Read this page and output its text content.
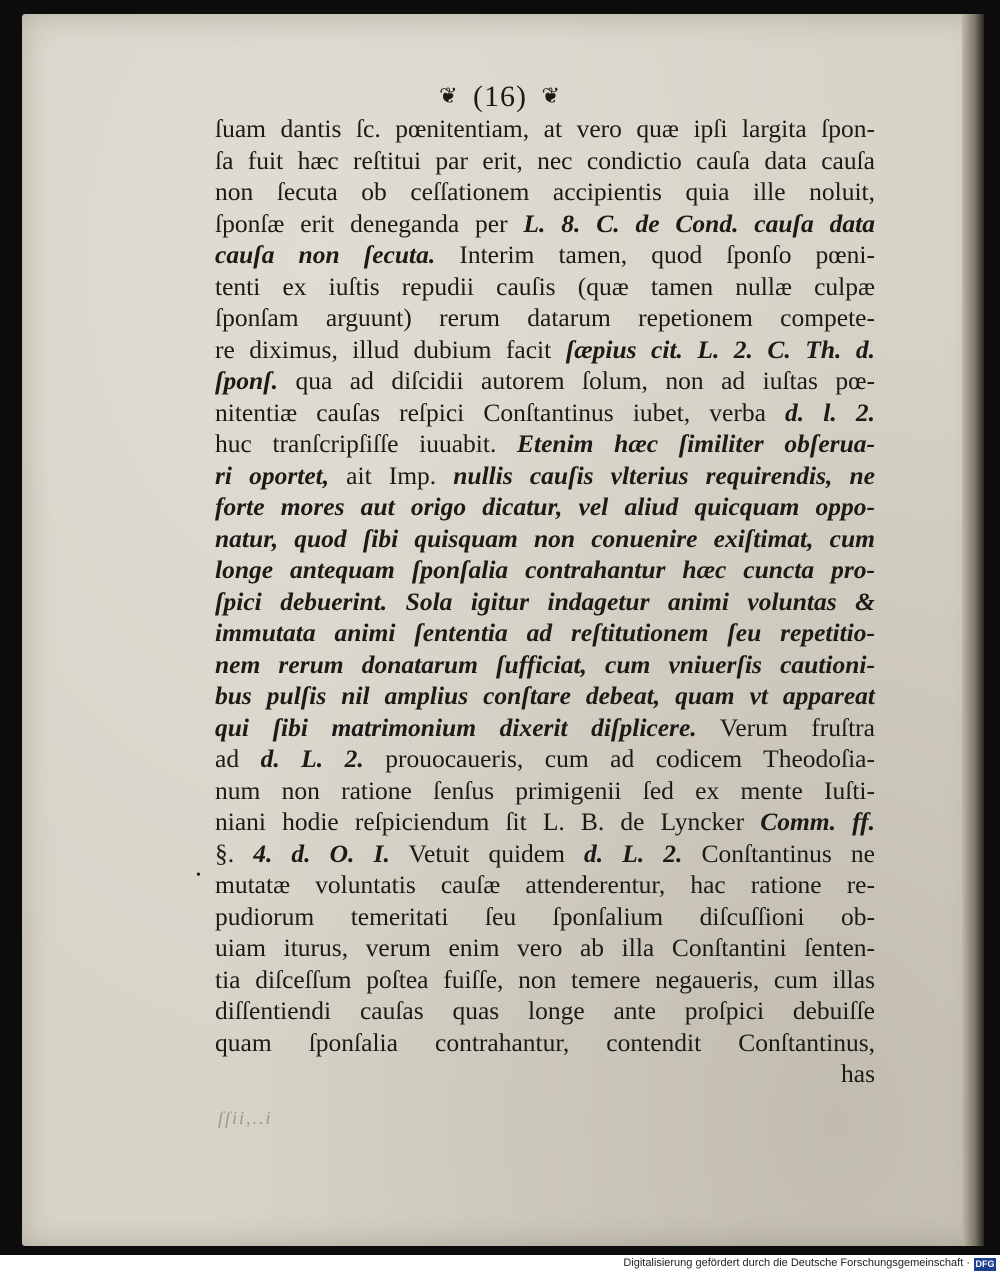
❦ (16) ❦
•
ſuam dantis ſc. pœnitentiam, at vero quæ ipſi largita ſpon-
ſa fuit hæc reſtitui par erit, nec condictio cauſa data cauſa
non ſecuta ob ceſſationem accipientis quia ille noluit,
ſponſæ erit deneganda per L. 8. C. de Cond. cauſa data
cauſa non ſecuta. Interim tamen, quod ſponſo pœni-
tenti ex iuſtis repudii cauſis (quæ tamen nullæ culpæ
ſponſam arguunt) rerum datarum repetionem compete-
re diximus, illud dubium facit ſæpius cit. L. 2. C. Th. d.
ſponſ. qua ad diſcidii autorem ſolum, non ad iuſtas pœ-
nitentiæ cauſas reſpici Conſtantinus iubet, verba d. l. 2.
huc tranſcripſiſſe iuuabit. Etenim hæc ſimiliter obſerua-
ri oportet, ait Imp. nullis cauſis vlterius requirendis, ne
forte mores aut origo dicatur, vel aliud quicquam oppo-
natur, quod ſibi quisquam non conuenire exiſtimat, cum
longe antequam ſponſalia contrahantur hæc cuncta pro-
ſpici debuerint. Sola igitur indagetur animi voluntas &
immutata animi ſententia ad reſtitutionem ſeu repetitio-
nem rerum donatarum ſufficiat, cum vniuerſis cautioni-
bus pulſis nil amplius conſtare debeat, quam vt appareat
qui ſibi matrimonium dixerit diſplicere. Verum fruſtra
ad d. L. 2. prouocaueris, cum ad codicem Theodoſia-
num non ratione ſenſus primigenii ſed ex mente Iuſti-
niani hodie reſpiciendum ſit L. B. de Lyncker Comm. ff.
§. 4. d. O. I. Vetuit quidem d. L. 2. Conſtantinus ne
mutatæ voluntatis cauſæ attenderentur, hac ratione re-
pudiorum temeritati ſeu ſponſalium diſcuſſioni ob-
uiam iturus, verum enim vero ab illa Conſtantini ſenten-
tia diſceſſum poſtea fuiſſe, non temere negaueris, cum illas
diſſentiendi cauſas quas longe ante proſpici debuiſſe
quam ſponſalia contrahantur, contendit Conſtantinus,
has
ſſii,..i
Digitalisierung gefördert durch die Deutsche Forschungsgemeinschaft · DFG
